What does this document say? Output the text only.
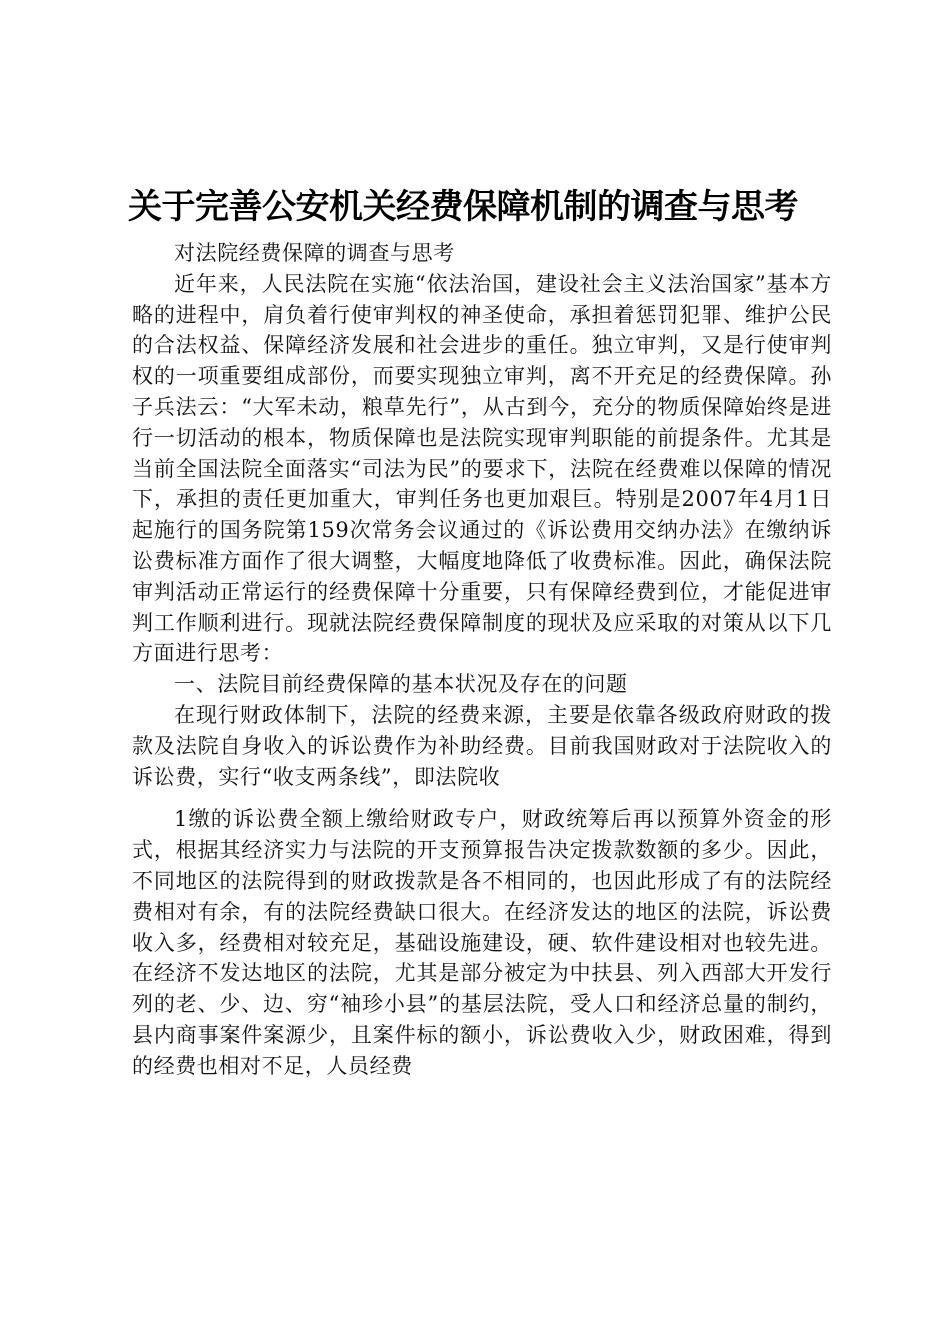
关于完善公安机关经费保障机制的调查与思考

对法院经费保障的调查与思考

近年来，人民法院在实施“依法治国，建设社会主义法治国家”基本方略的进程中，肩负着行使审判权的神圣使命，承担着惩罚犯罪、维护公民的合法权益、保障经济发展和社会进步的重任。独立审判，又是行使审判权的一项重要组成部份，而要实现独立审判，离不开充足的经费保障。孙子兵法云：“大军未动，粮草先行”，从古到今，充分的物质保障始终是进行一切活动的根本，物质保障也是法院实现审判职能的前提条件。尤其是当前全国法院全面落实“司法为民”的要求下，法院在经费难以保障的情况下，承担的责任更加重大，审判任务也更加艰巨。特别是2007年4月1日起施行的国务院第159次常务会议通过的《诉讼费用交纳办法》在缴纳诉讼费标准方面作了很大调整，大幅度地降低了收费标准。因此，确保法院审判活动正常运行的经费保障十分重要，只有保障经费到位，才能促进审判工作顺利进行。现就法院经费保障制度的现状及应采取的对策从以下几方面进行思考：

一、法院目前经费保障的基本状况及存在的问题

在现行财政体制下，法院的经费来源，主要是依靠各级政府财政的拨款及法院自身收入的诉讼费作为补助经费。目前我国财政对于法院收入的诉讼费，实行“收支两条线”，即法院收

1缴的诉讼费全额上缴给财政专户，财政统筹后再以预算外资金的形式，根据其经济实力与法院的开支预算报告决定拨款数额的多少。因此，不同地区的法院得到的财政拨款是各不相同的，也因此形成了有的法院经费相对有余，有的法院经费缺口很大。在经济发达的地区的法院，诉讼费收入多，经费相对较充足，基础设施建设，硬、软件建设相对也较先进。在经济不发达地区的法院，尤其是部分被定为中扶县、列入西部大开发行列的老、少、边、穷“袖珍小县”的基层法院，受人口和经济总量的制约，县内商事案件案源少，且案件标的额小，诉讼费收入少，财政困难，得到的经费也相对不足，人员经费
